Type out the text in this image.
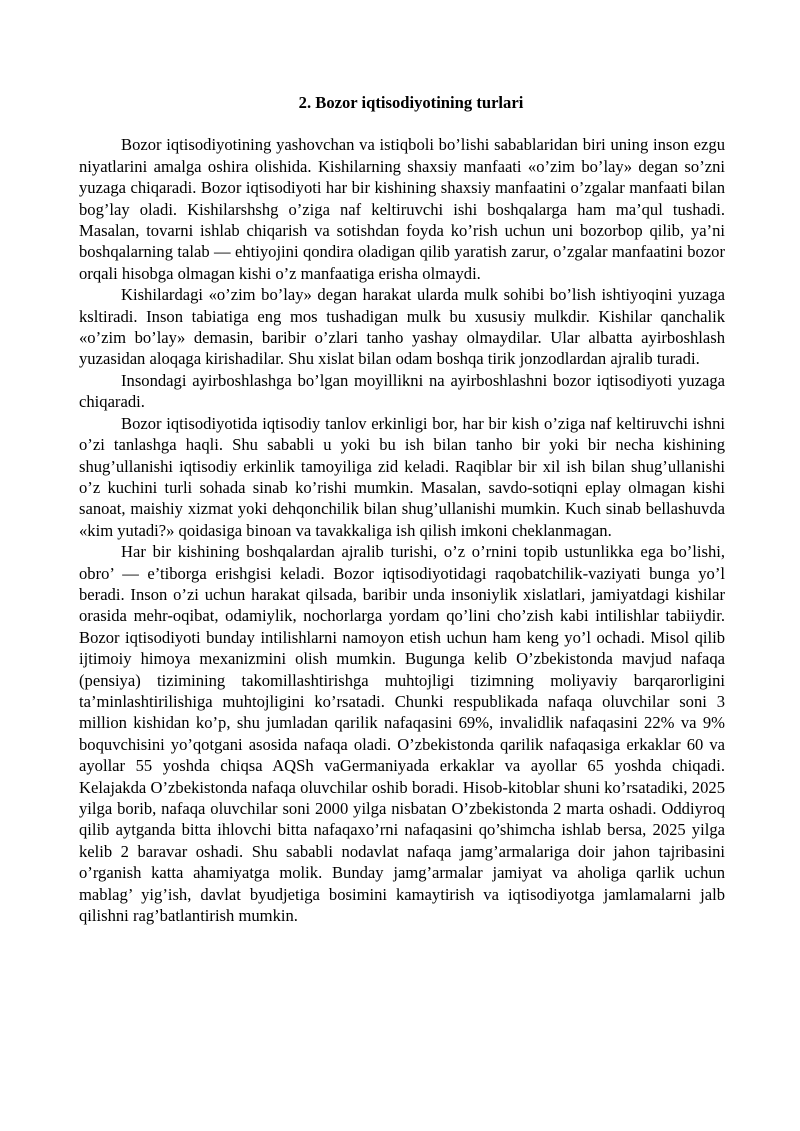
2. Bozor iqtisodiyotining turlari

Bozor iqtisodiyotining yashovchan va istiqboli bo’lishi sabablaridan biri uning inson ezgu niyatlarini amalga oshira olishida. Kishilarning shaxsiy manfaati «o’zim bo’lay» degan so’zni yuzaga chiqaradi. Bozor iqtisodiyoti har bir kishining shaxsiy manfaatini o’zgalar manfaati bilan bog’lay oladi. Kishilarshshg o’ziga naf keltiruvchi ishi boshqalarga ham ma’qul tushadi. Masalan, tovarni ishlab chiqarish va sotishdan foyda ko’rish uchun uni bozorbop qilib, ya’ni boshqalarning talab — ehtiyojini qondira oladigan qilib yaratish zarur, o’zgalar manfaatini bozor orqali hisobga olmagan kishi o’z manfaatiga erisha olmaydi.

Kishilardagi «o’zim bo’lay» degan harakat ularda mulk sohibi bo’lish ishtiyoqini yuzaga ksltiradi. Inson tabiatiga eng mos tushadigan mulk bu xususiy mulkdir. Kishilar qanchalik «o’zim bo’lay» demasin, baribir o’zlari tanho yashay olmaydilar. Ular albatta ayirboshlash yuzasidan aloqaga kirishadilar. Shu xislat bilan odam boshqa tirik jonzodlardan ajralib turadi.

Insondagi ayirboshlashga bo’lgan moyillikni na ayirboshlashni bozor iqtisodiyoti yuzaga chiqaradi.

Bozor iqtisodiyotida iqtisodiy tanlov erkinligi bor, har bir kish o’ziga naf keltiruvchi ishni o’zi tanlashga haqli. Shu sababli u yoki bu ish bilan tanho bir yoki bir necha kishining shug’ullanishi iqtisodiy erkinlik tamoyiliga zid keladi. Raqiblar bir xil ish bilan shug’ullanishi o’z kuchini turli sohada sinab ko’rishi mumkin. Masalan, savdo-sotiqni eplay olmagan kishi sanoat, maishiy xizmat yoki dehqonchilik bilan shug’ullanishi mumkin. Kuch sinab bellashuvda «kim yutadi?» qoidasiga binoan va tavakkaliga ish qilish imkoni cheklanmagan.

Har bir kishining boshqalardan ajralib turishi, o’z o’rnini topib ustunlikka ega bo’lishi, obro’ — e’tiborga erishgisi keladi. Bozor iqtisodiyotidagi raqobatchilik-vaziyati bunga yo’l beradi. Inson o’zi uchun harakat qilsada, baribir unda insoniylik xislatlari, jamiyatdagi kishilar orasida mehr-oqibat, odamiylik, nochorlarga yordam qo’lini cho’zish kabi intilishlar tabiiydir. Bozor iqtisodiyoti bunday intilishlarni namoyon etish uchun ham keng yo’l ochadi. Misol qilib ijtimoiy himoya mexanizmini olish mumkin. Bugunga kelib O’zbekistonda mavjud nafaqa (pensiya) tizimining takomillashtirishga muhtojligi tizimning moliyaviy barqarorligini ta’minlashtirilishiga muhtojligini ko’rsatadi. Chunki respublikada nafaqa oluvchilar soni 3 million kishidan ko’p, shu jumladan qarilik nafaqasini 69%, invalidlik nafaqasini 22% va 9% boquvchisini yo’qotgani asosida nafaqa oladi. O’zbekistonda qarilik nafaqasiga erkaklar 60 va ayollar 55 yoshda chiqsa AQSh vaGermaniyada erkaklar va ayollar 65 yoshda chiqadi. Kelajakda O’zbekistonda nafaqa oluvchilar oshib boradi. Hisob-kitoblar shuni ko’rsatadiki, 2025 yilga borib, nafaqa oluvchilar soni 2000 yilga nisbatan O’zbekistonda 2 marta oshadi. Oddiyroq qilib aytganda bitta ihlovchi bitta nafaqaxo’rni nafaqasini qo’shimcha ishlab bersa, 2025 yilga kelib 2 baravar oshadi. Shu sababli nodavlat nafaqa jamg’armalariga doir jahon tajribasini o’rganish katta ahamiyatga molik. Bunday jamg’armalar jamiyat va aholiga qarlik uchun mablag’ yig’ish, davlat byudjetiga bosimini kamaytirish va iqtisodiyotga jamlamalarni jalb qilishni rag’batlantirish mumkin.
